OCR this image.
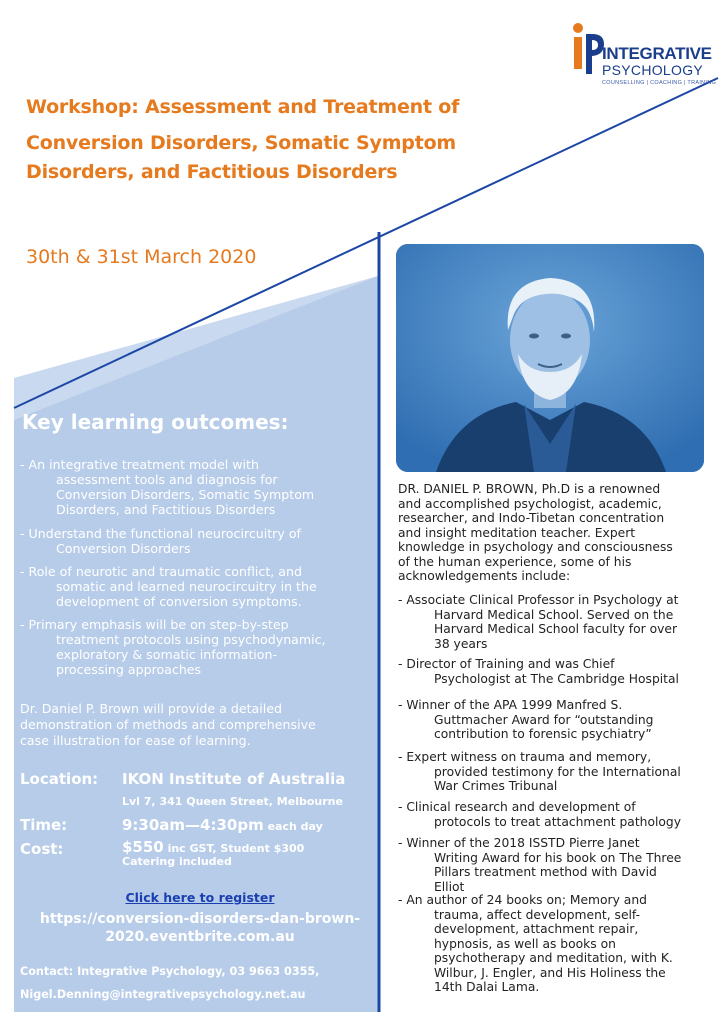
INTEGRATIVE
PSYCHOLOGY
COUNSELLING | COACHING | TRAINING
Workshop: Assessment and Treatment of
Conversion Disorders, Somatic Symptom
Disorders, and Factitious Disorders
30th & 31st March 2020
Key learning outcomes:
- An integrative treatment model with
assessment tools and diagnosis for
Conversion Disorders, Somatic Symptom
Disorders, and Factitious Disorders
- Understand the functional neurocircuitry of
Conversion Disorders
- Role of neurotic and traumatic conflict, and
somatic and learned neurocircuitry in the
development of conversion symptoms.
- Primary emphasis will be on step-by-step
treatment protocols using psychodynamic,
exploratory & somatic information-
processing approaches
Dr. Daniel P. Brown will provide a detailed
demonstration of methods and comprehensive
case illustration for ease of learning.
Location: IKON Institute of Australia
Lvl 7, 341 Queen Street, Melbourne
Time:	9:30am—4:30pm each day
Cost:	$550 inc GST, Student $300
Catering included
Click here to register
https://conversion-disorders-dan-brown-
2020.eventbrite.com.au
Contact: Integrative Psychology, 03 9663 0355,
Nigel.Denning@integrativepsychology.net.au
DR. DANIEL P. BROWN, Ph.D is a renowned
and accomplished psychologist, academic,
researcher, and Indo-Tibetan concentration
and insight meditation teacher. Expert
knowledge in psychology and consciousness
of the human experience, some of his
acknowledgements include:
- Associate Clinical Professor in Psychology at
Harvard Medical School. Served on the
Harvard Medical School faculty for over
38 years
- Director of Training and was Chief
Psychologist at The Cambridge Hospital
- Winner of the APA 1999 Manfred S.
Guttmacher Award for “outstanding
contribution to forensic psychiatry”
- Expert witness on trauma and memory,
provided testimony for the International
War Crimes Tribunal
- Clinical research and development of
protocols to treat attachment pathology
- Winner of the 2018 ISSTD Pierre Janet
Writing Award for his book on The Three
Pillars treatment method with David
Elliot
- An author of 24 books on; Memory and
trauma, affect development, self-
development, attachment repair,
hypnosis, as well as books on
psychotherapy and meditation, with K.
Wilbur, J. Engler, and His Holiness the
14th Dalai Lama.
